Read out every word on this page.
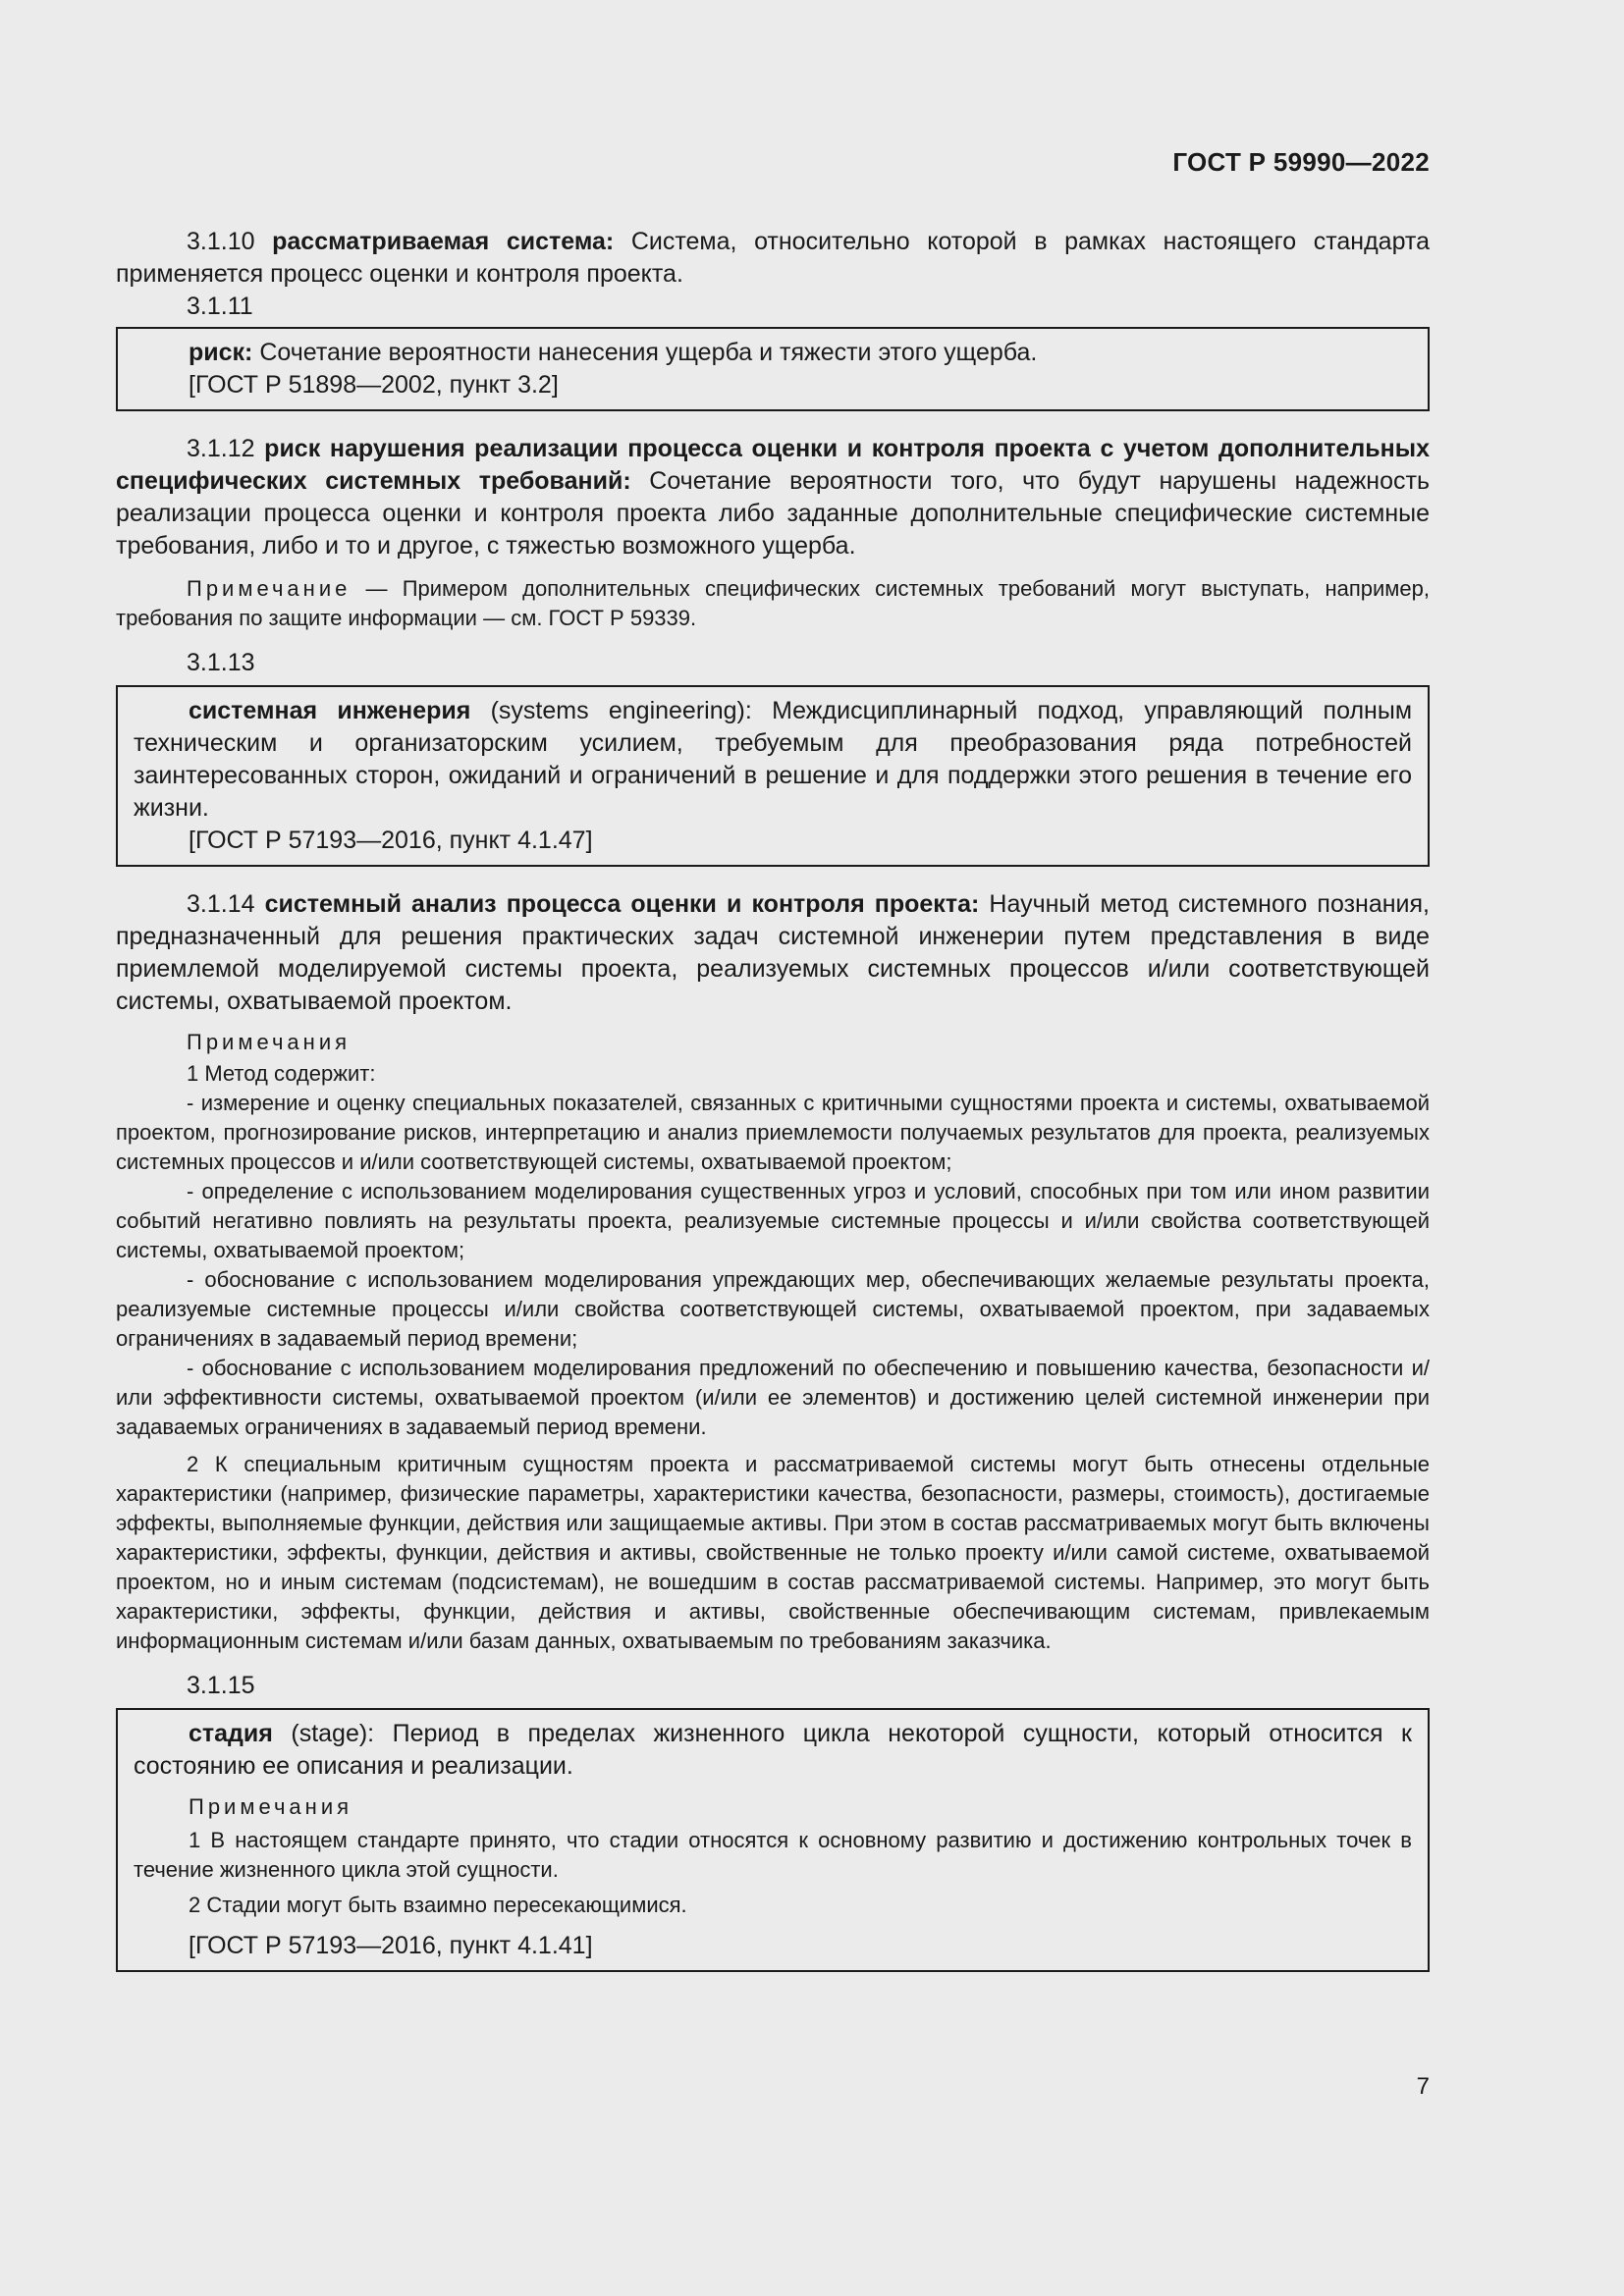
ГОСТ Р 59990—2022

3.1.10 рассматриваемая система: Система, относительно которой в рамках настоящего стандарта применяется процесс оценки и контроля проекта.

3.1.11

риск: Сочетание вероятности нанесения ущерба и тяжести этого ущерба.

[ГОСТ Р 51898—2002, пункт 3.2]

3.1.12 риск нарушения реализации процесса оценки и контроля проекта с учетом дополнительных специфических системных требований: Сочетание вероятности того, что будут нарушены надежность реализации процесса оценки и контроля проекта либо заданные дополнительные специфические системные требования, либо и то и другое, с тяжестью возможного ущерба.

Примечание — Примером дополнительных специфических системных требований могут выступать, например, требования по защите информации — см. ГОСТ Р 59339.

3.1.13

системная инженерия (systems engineering): Междисциплинарный подход, управляющий полным техническим и организаторским усилием, требуемым для преобразования ряда потребностей заинтересованных сторон, ожиданий и ограничений в решение и для поддержки этого решения в течение его жизни.

[ГОСТ Р 57193—2016, пункт 4.1.47]

3.1.14 системный анализ процесса оценки и контроля проекта: Научный метод системного познания, предназначенный для решения практических задач системной инженерии путем представления в виде приемлемой моделируемой системы проекта, реализуемых системных процессов и/или соответствующей системы, охватываемой проектом.

Примечания

1 Метод содержит:

- измерение и оценку специальных показателей, связанных с критичными сущностями проекта и системы, охватываемой проектом, прогнозирование рисков, интерпретацию и анализ приемлемости получаемых результатов для проекта, реализуемых системных процессов и и/или соответствующей системы, охватываемой проектом;

- определение с использованием моделирования существенных угроз и условий, способных при том или ином развитии событий негативно повлиять на результаты проекта, реализуемые системные процессы и и/или свойства соответствующей системы, охватываемой проектом;

- обоснование с использованием моделирования упреждающих мер, обеспечивающих желаемые результаты проекта, реализуемые системные процессы и/или свойства соответствующей системы, охватываемой проектом, при задаваемых ограничениях в задаваемый период времени;

- обоснование с использованием моделирования предложений по обеспечению и повышению качества, безопасности и/или эффективности системы, охватываемой проектом (и/или ее элементов) и достижению целей системной инженерии при задаваемых ограничениях в задаваемый период времени.

2 К специальным критичным сущностям проекта и рассматриваемой системы могут быть отнесены отдельные характеристики (например, физические параметры, характеристики качества, безопасности, размеры, стоимость), достигаемые эффекты, выполняемые функции, действия или защищаемые активы. При этом в состав рассматриваемых могут быть включены характеристики, эффекты, функции, действия и активы, свойственные не только проекту и/или самой системе, охватываемой проектом, но и иным системам (подсистемам), не вошедшим в состав рассматриваемой системы. Например, это могут быть характеристики, эффекты, функции, действия и активы, свойственные обеспечивающим системам, привлекаемым информационным системам и/или базам данных, охватываемым по требованиям заказчика.

3.1.15

стадия (stage): Период в пределах жизненного цикла некоторой сущности, который относится к состоянию ее описания и реализации.

Примечания

1 В настоящем стандарте принято, что стадии относятся к основному развитию и достижению контрольных точек в течение жизненного цикла этой сущности.

2 Стадии могут быть взаимно пересекающимися.

[ГОСТ Р 57193—2016, пункт 4.1.41]

7
